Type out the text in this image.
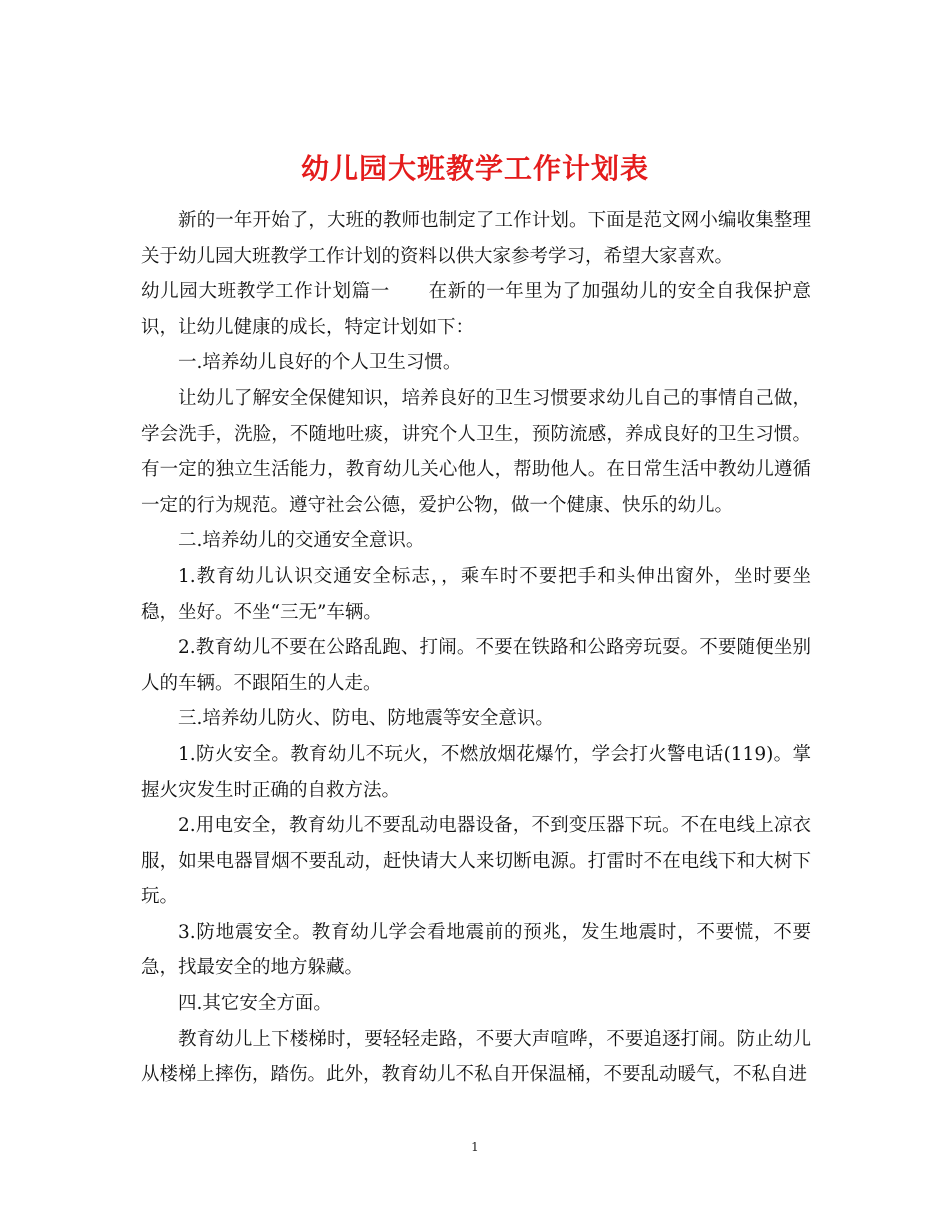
幼儿园大班教学工作计划表

新的一年开始了，大班的教师也制定了工作计划。下面是范文网小编收集整理关于幼儿园大班教学工作计划的资料以供大家参考学习，希望大家喜欢。

幼儿园大班教学工作计划篇一 在新的一年里为了加强幼儿的安全自我保护意识，让幼儿健康的成长，特定计划如下：

一.培养幼儿良好的个人卫生习惯。

让幼儿了解安全保健知识，培养良好的卫生习惯要求幼儿自己的事情自己做，学会洗手，洗脸，不随地吐痰，讲究个人卫生，预防流感，养成良好的卫生习惯。有一定的独立生活能力，教育幼儿关心他人，帮助他人。在日常生活中教幼儿遵循一定的行为规范。遵守社会公德，爱护公物，做一个健康、快乐的幼儿。

二.培养幼儿的交通安全意识。

1.教育幼儿认识交通安全标志，，乘车时不要把手和头伸出窗外，坐时要坐稳，坐好。不坐“三无”车辆。

2.教育幼儿不要在公路乱跑、打闹。不要在铁路和公路旁玩耍。不要随便坐别人的车辆。不跟陌生的人走。

三.培养幼儿防火、防电、防地震等安全意识。

1.防火安全。教育幼儿不玩火，不燃放烟花爆竹，学会打火警电话(119)。掌握火灾发生时正确的自救方法。

2.用电安全，教育幼儿不要乱动电器设备，不到变压器下玩。不在电线上凉衣服，如果电器冒烟不要乱动，赶快请大人来切断电源。打雷时不在电线下和大树下玩。

3.防地震安全。教育幼儿学会看地震前的预兆，发生地震时，不要慌，不要急，找最安全的地方躲藏。

四.其它安全方面。

教育幼儿上下楼梯时，要轻轻走路，不要大声喧哗，不要追逐打闹。防止幼儿从楼梯上摔伤，踏伤。此外，教育幼儿不私自开保温桶，不要乱动暖气，不私自进

1
